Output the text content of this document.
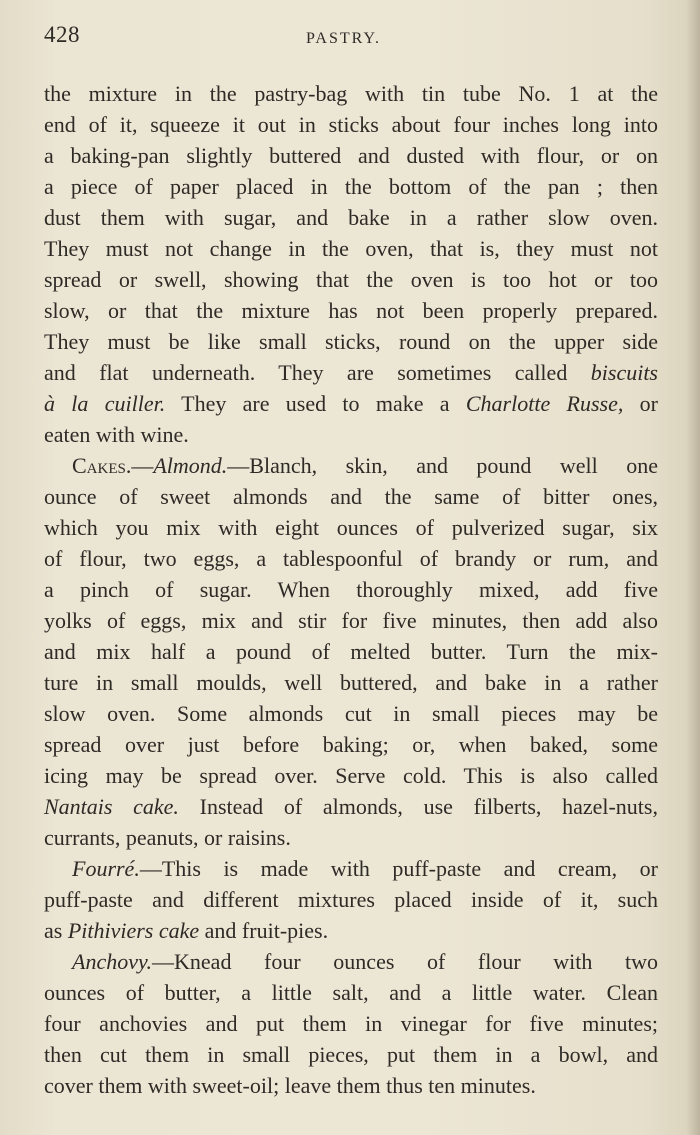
428	PASTRY.
the mixture in the pastry-bag with tin tube No. 1 at the
end of it, squeeze it out in sticks about four inches long into
a baking-pan slightly buttered and dusted with flour, or on
a piece of paper placed in the bottom of the pan ; then
dust them with sugar, and bake in a rather slow oven.
They must not change in the oven, that is, they must not
spread or swell, showing that the oven is too hot or too
slow, or that the mixture has not been properly prepared.
They must be like small sticks, round on the upper side
and flat underneath. They are sometimes called biscuits
à la cuiller. They are used to make a Charlotte Russe, or
eaten with wine.
Cakes.—Almond.—Blanch, skin, and pound well one
ounce of sweet almonds and the same of bitter ones,
which you mix with eight ounces of pulverized sugar, six
of flour, two eggs, a tablespoonful of brandy or rum, and
a pinch of sugar. When thoroughly mixed, add five
yolks of eggs, mix and stir for five minutes, then add also
and mix half a pound of melted butter. Turn the mix-
ture in small moulds, well buttered, and bake in a rather
slow oven. Some almonds cut in small pieces may be
spread over just before baking; or, when baked, some
icing may be spread over. Serve cold. This is also called
Nantais cake. Instead of almonds, use filberts, hazel-nuts,
currants, peanuts, or raisins.
Fourré.—This is made with puff-paste and cream, or
puff-paste and different mixtures placed inside of it, such
as Pithiviers cake and fruit-pies.
Anchovy.—Knead four ounces of flour with two
ounces of butter, a little salt, and a little water. Clean
four anchovies and put them in vinegar for five minutes;
then cut them in small pieces, put them in a bowl, and
cover them with sweet-oil; leave them thus ten minutes.
